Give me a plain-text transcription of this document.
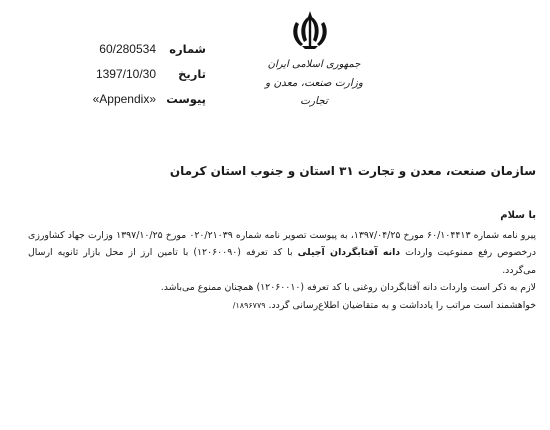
شماره
60/280534
تاریخ
1397/10/30
پیوست
«Appendix»
جمهوری اسلامی ایران
وزارت صنعت، معدن و تجارت
سازمان صنعت، معدن و تجارت ۳۱ استان و جنوب استان کرمان

با سلام

پیرو نامه شماره ۶۰/۱۰۴۴۱۳ مورخ ۱۳۹۷/۰۴/۲۵، به پیوست تصویر نامه شماره ۰۲۰/۲۱۰۳۹ مورخ ۱۳۹۷/۱۰/۲۵ وزارت جهاد کشاورزی درخصوص رفع ممنوعیت واردات دانه آفتابگردان آجیلی با کد تعرفه (۱۲۰۶۰۰۹۰) با تامین ارز از محل بازار ثانویه ارسال می‌گردد.

لازم به ذکر است واردات دانه آفتابگردان روغنی با کد تعرفه (۱۲۰۶۰۰۱۰) همچنان ممنوع می‌باشد.

خواهشمند است مراتب را یادداشت و به متقاضیان اطلاع‌رسانی گردد. ۱۸۹۶۷۷۹/
